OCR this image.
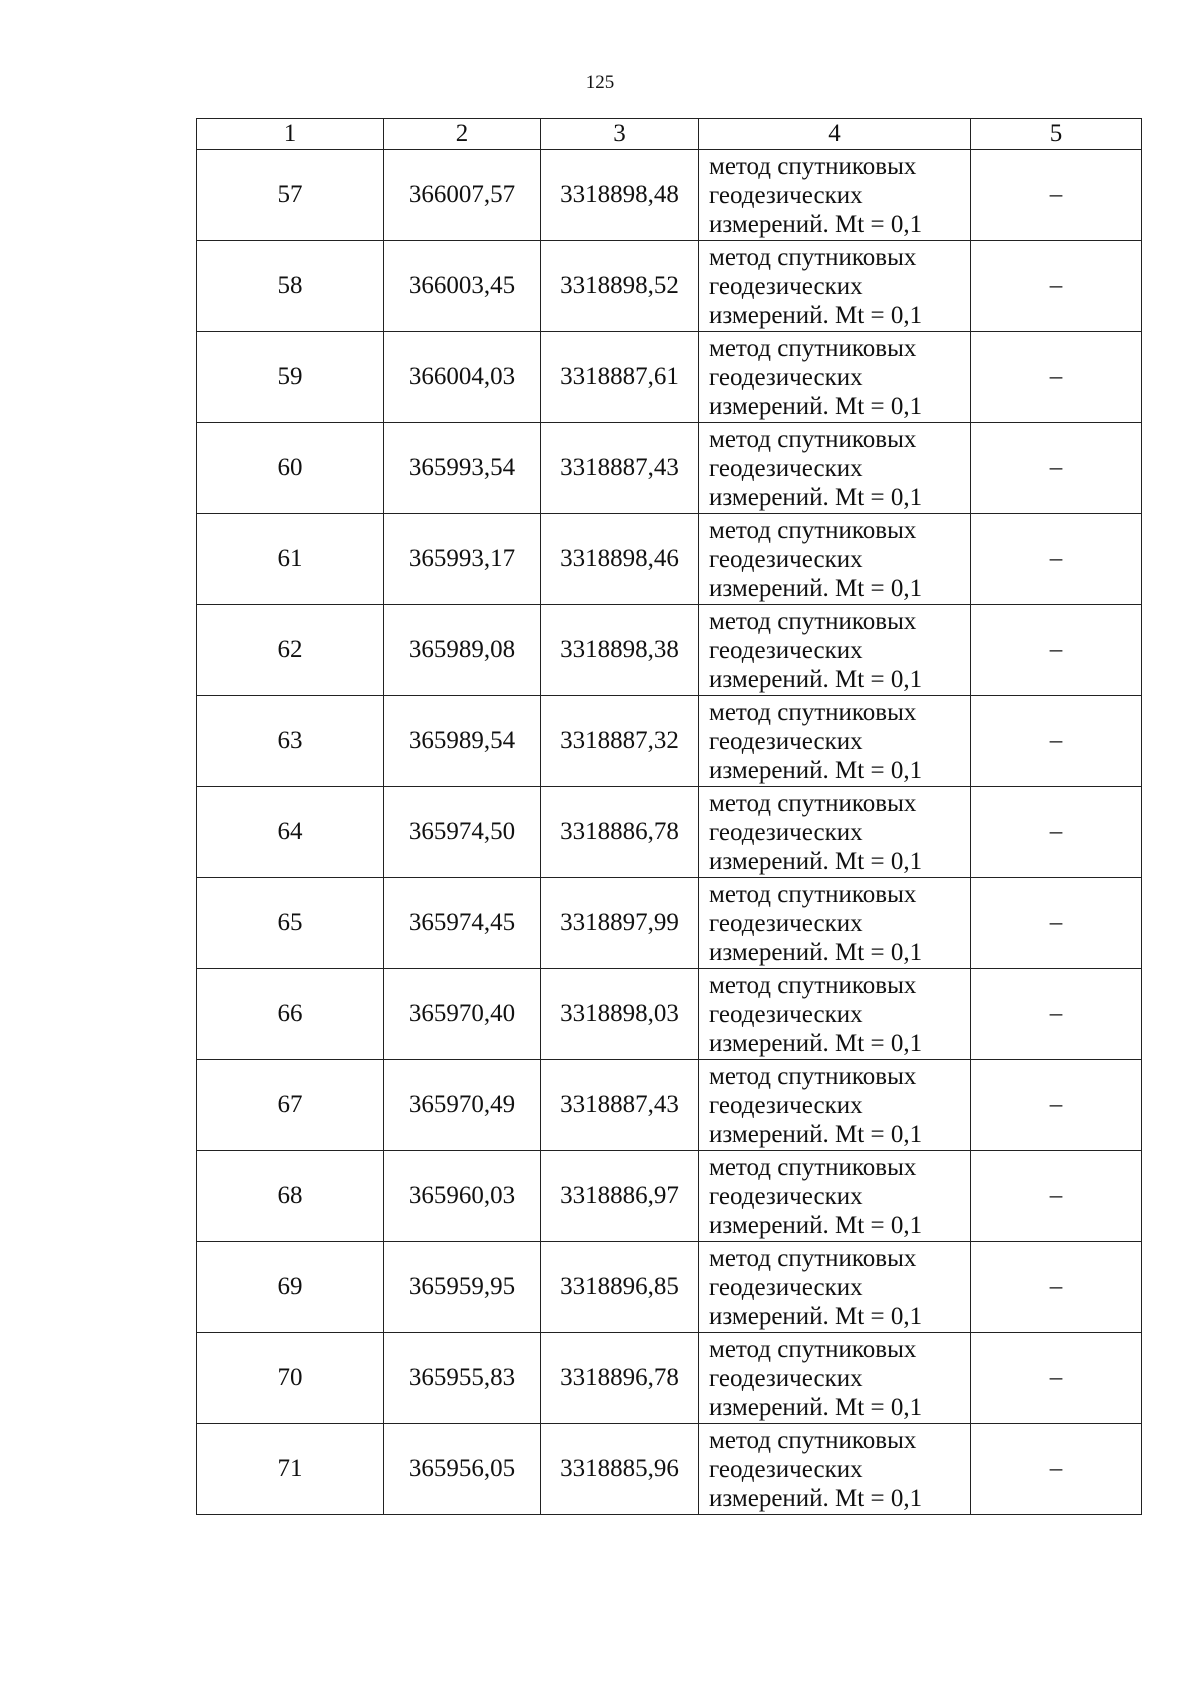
125
1	2	3	4	5
57	366007,57	3318898,48	метод спутниковых
геодезических
измерений. Mt = 0,1	–
58	366003,45	3318898,52	метод спутниковых
геодезических
измерений. Mt = 0,1	–
59	366004,03	3318887,61	метод спутниковых
геодезических
измерений. Mt = 0,1	–
60	365993,54	3318887,43	метод спутниковых
геодезических
измерений. Mt = 0,1	–
61	365993,17	3318898,46	метод спутниковых
геодезических
измерений. Mt = 0,1	–
62	365989,08	3318898,38	метод спутниковых
геодезических
измерений. Mt = 0,1	–
63	365989,54	3318887,32	метод спутниковых
геодезических
измерений. Mt = 0,1	–
64	365974,50	3318886,78	метод спутниковых
геодезических
измерений. Mt = 0,1	–
65	365974,45	3318897,99	метод спутниковых
геодезических
измерений. Mt = 0,1	–
66	365970,40	3318898,03	метод спутниковых
геодезических
измерений. Mt = 0,1	–
67	365970,49	3318887,43	метод спутниковых
геодезических
измерений. Mt = 0,1	–
68	365960,03	3318886,97	метод спутниковых
геодезических
измерений. Mt = 0,1	–
69	365959,95	3318896,85	метод спутниковых
геодезических
измерений. Mt = 0,1	–
70	365955,83	3318896,78	метод спутниковых
геодезических
измерений. Mt = 0,1	–
71	365956,05	3318885,96	метод спутниковых
геодезических
измерений. Mt = 0,1	–
